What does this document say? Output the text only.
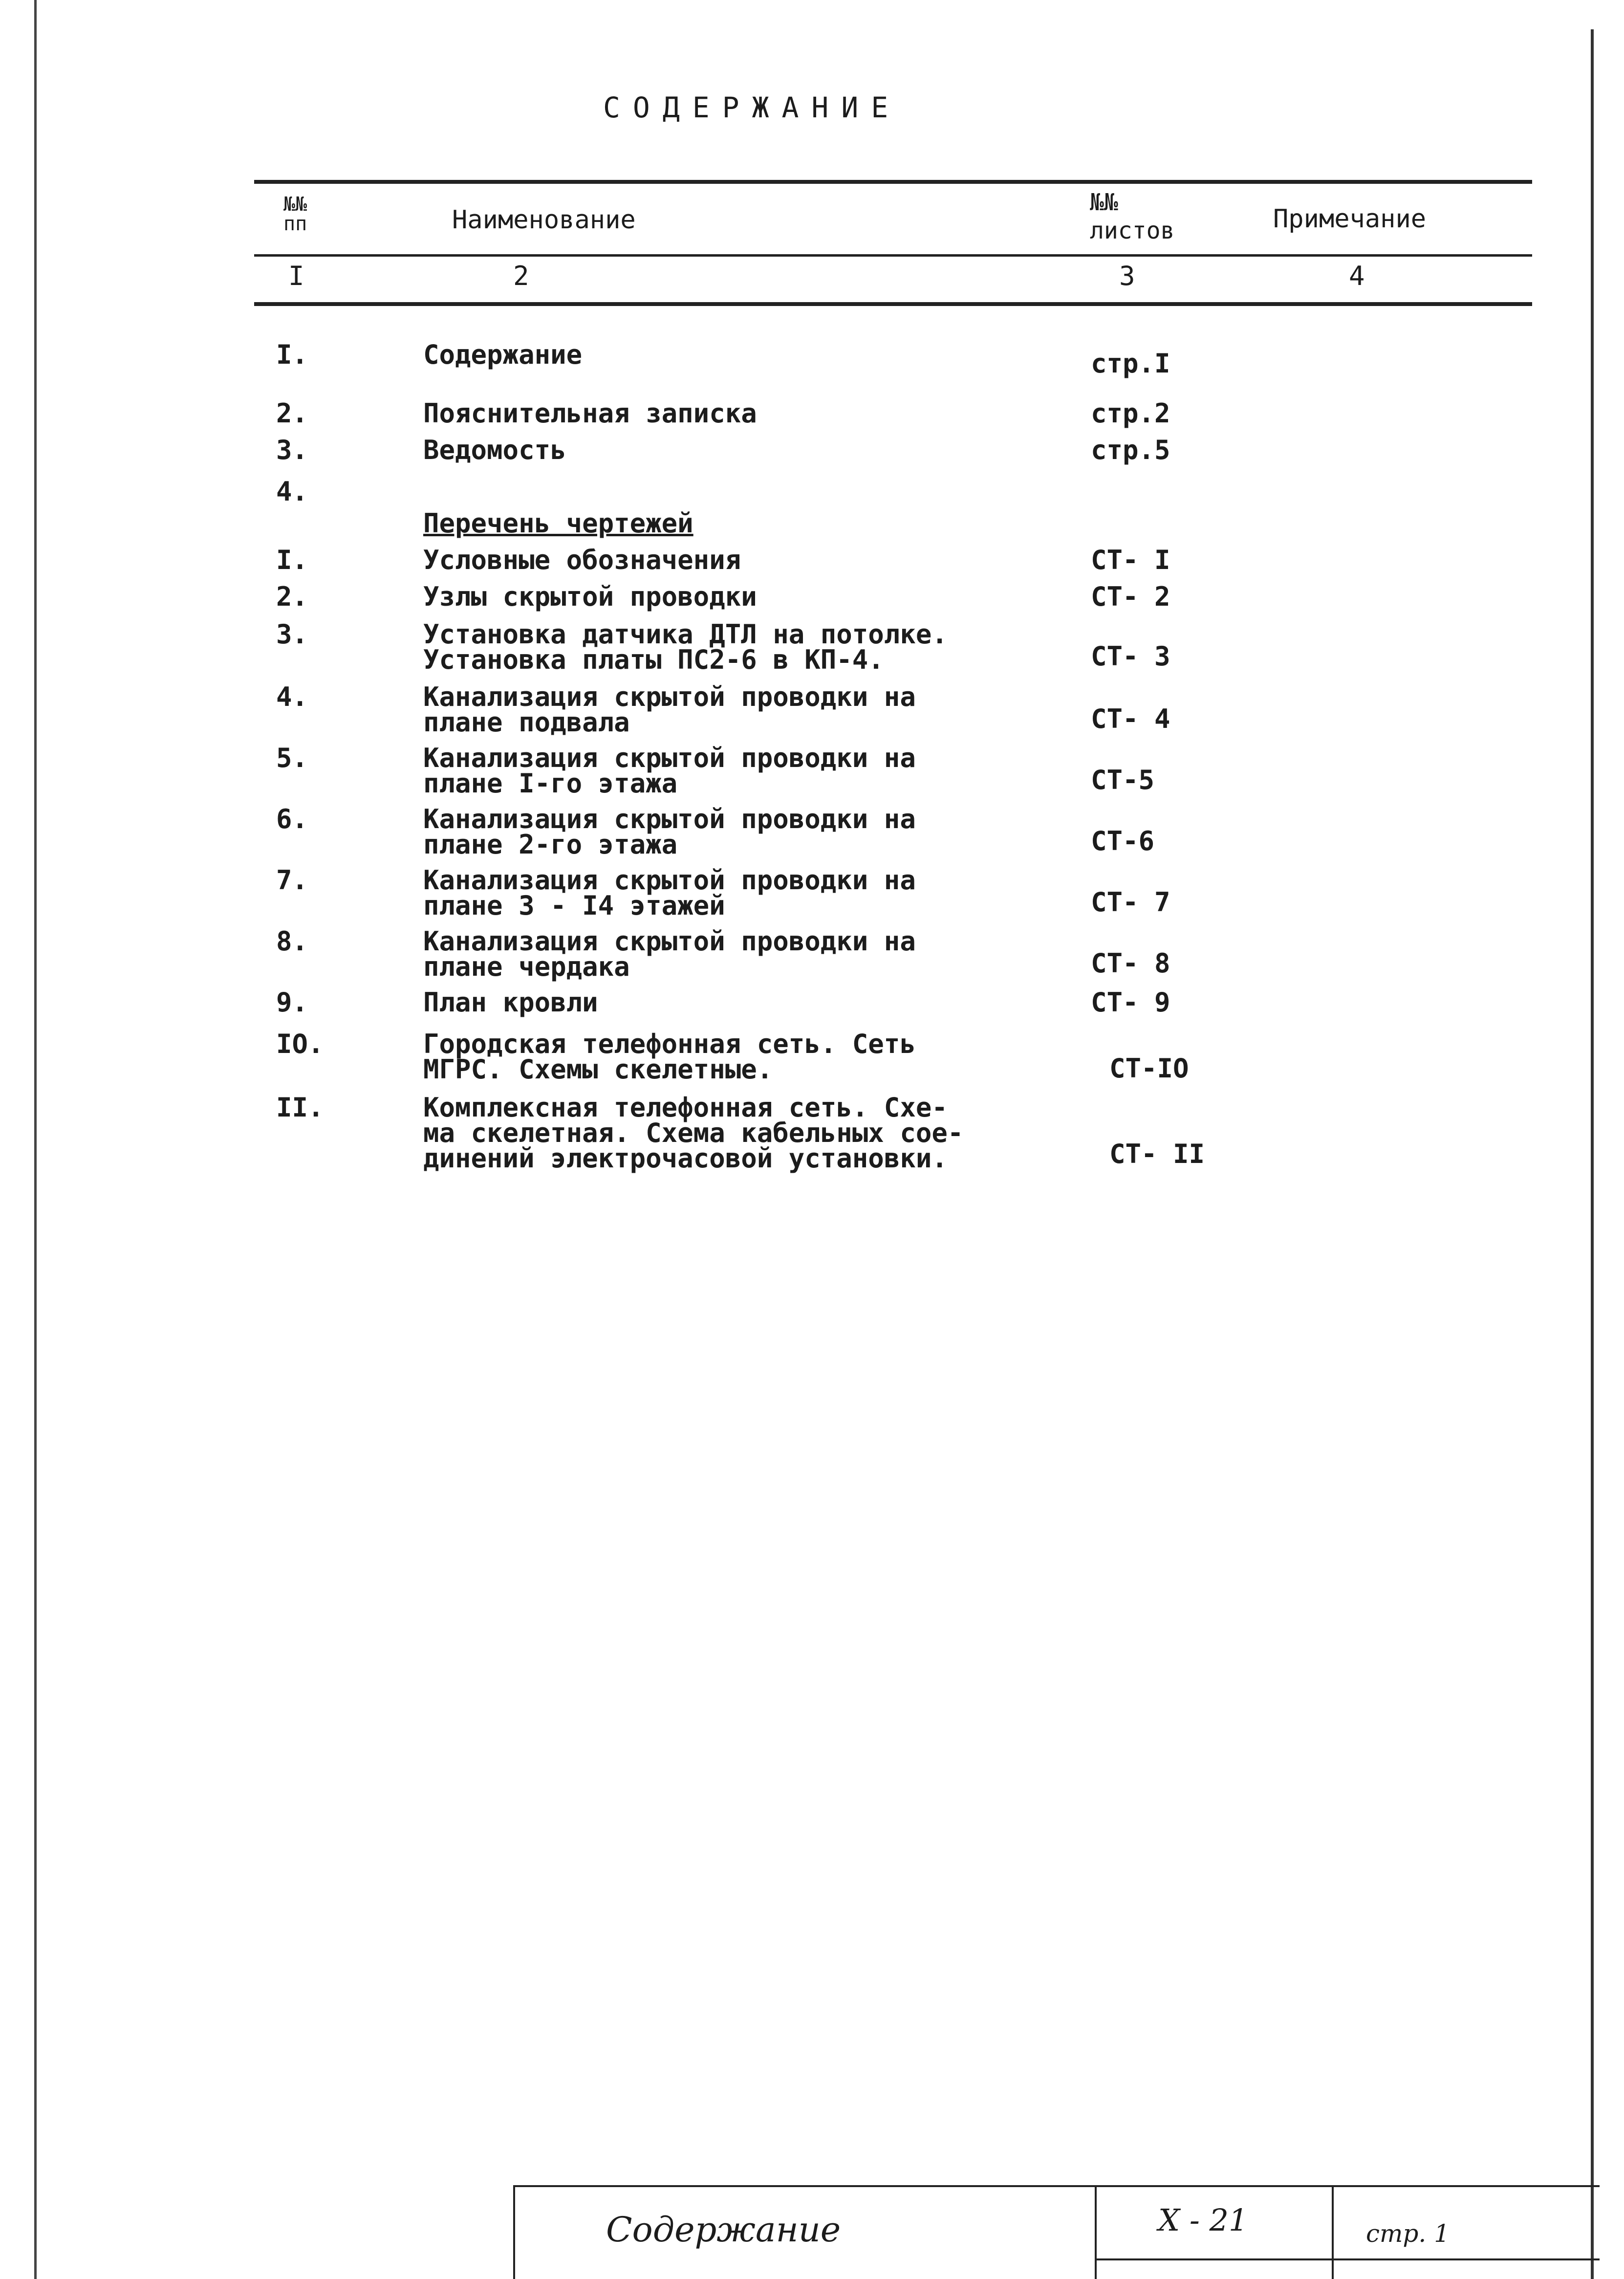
СОДЕРЖАНИЕ
№№ пп	Наименование
№№ листов	Примечание
I	2	3	4
I.	Содержание	стр.I
2.	Пояснительная записка	стр.2
3.	Ведомость	стр.5
4.
Перечень чертежей
I.	Условные обозначения	СТ- I
2.	Узлы скрытой проводки	СТ- 2
3.	Установка датчика ДТЛ на потолке.
Установка платы ПС2-6 в КП-4.	СТ- 3
4.	Канализация скрытой проводки на
плане подвала	СТ- 4
5.	Канализация скрытой проводки на
плане I-го этажа	СТ-5
6.	Канализация скрытой проводки на
плане 2-го этажа	СТ-6
7.	Канализация скрытой проводки на
плане 3 - I4 этажей	СТ- 7
8.	Канализация скрытой проводки на
плане чердака	СТ- 8
9.	План кровли	СТ- 9
IO.	Городская телефонная сеть. Сеть
МГРС. Схемы скелетные.	СТ-IO
II.	Комплексная телефонная сеть. Схе-
ма скелетная. Схема кабельных сое-
динений электрочасовой установки.	СТ- II
Содержание	X - 21	стр. 1
